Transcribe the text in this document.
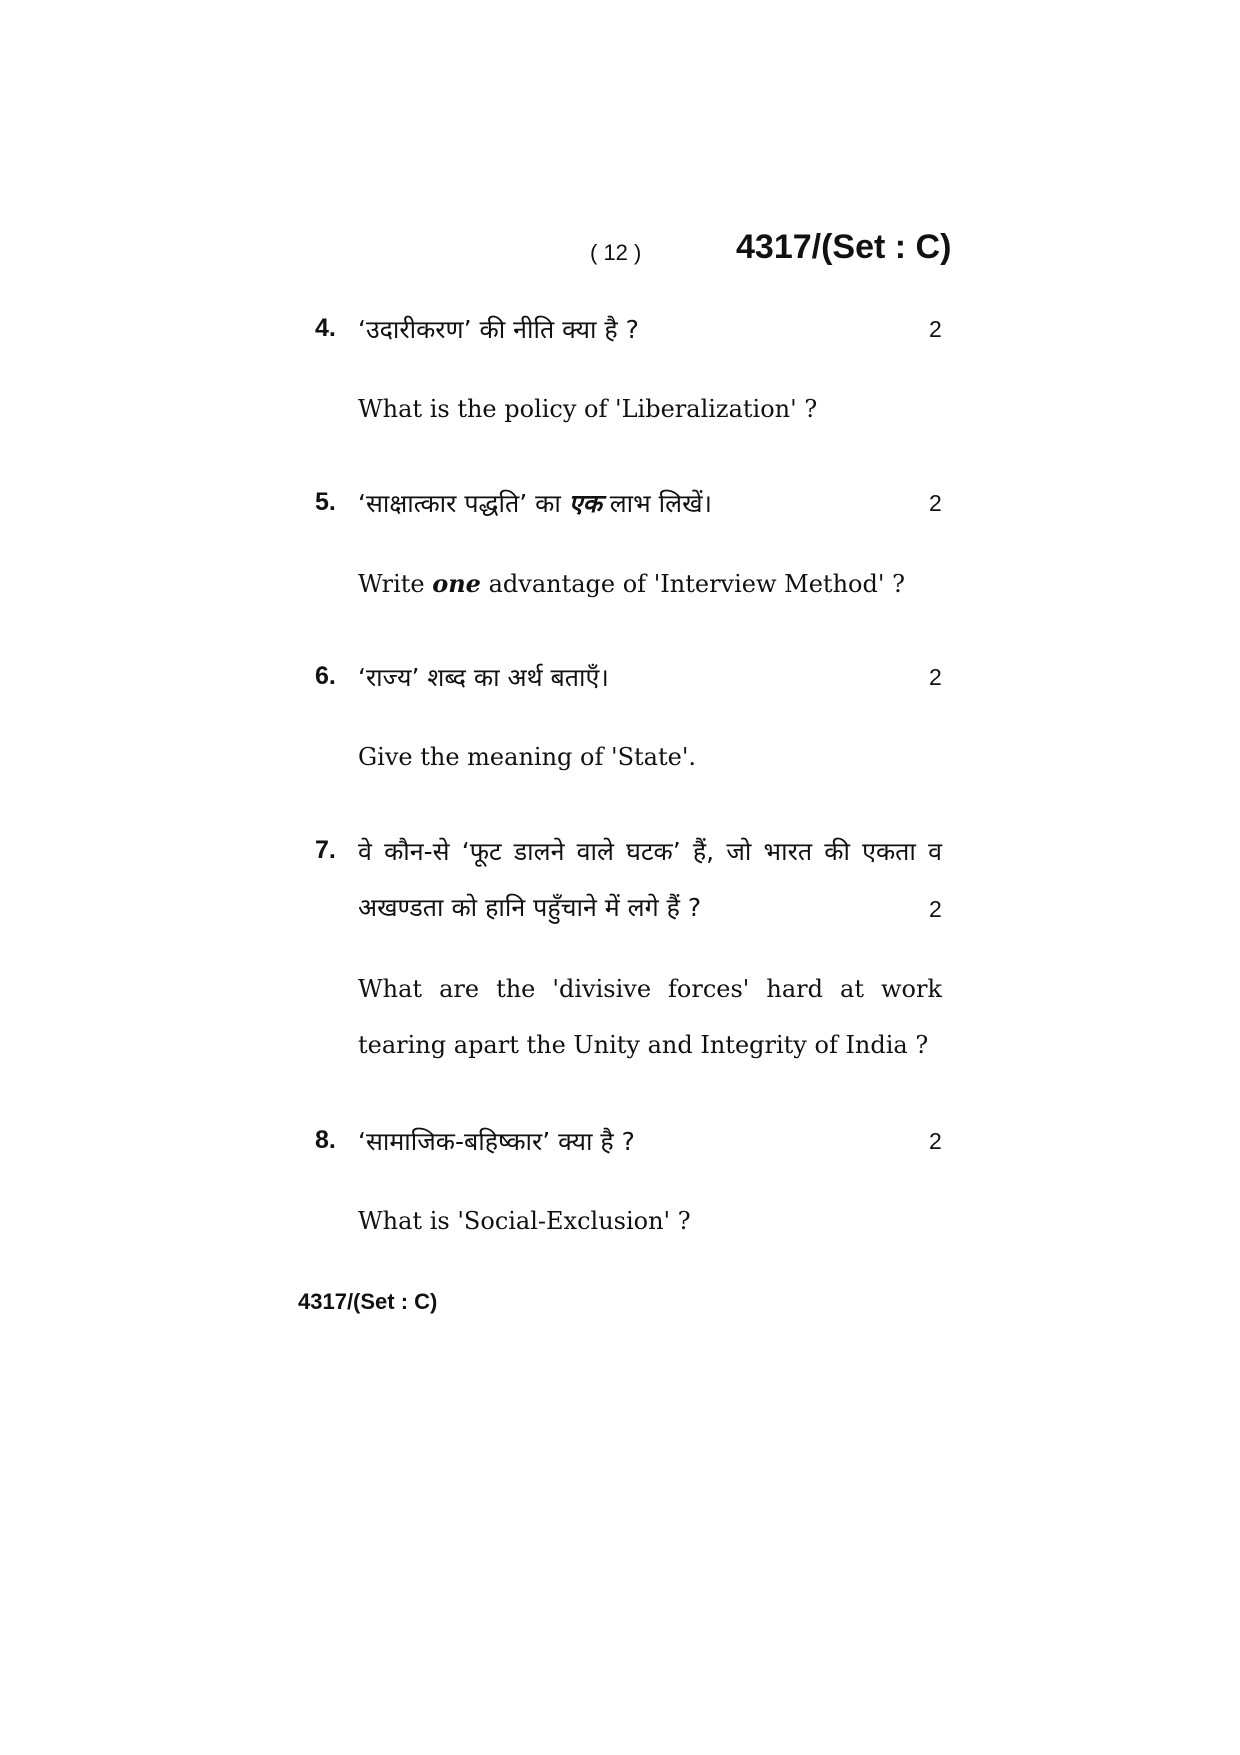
( 12 )	4317/(Set : C)
4. ‘उदारीकरण’ की नीति क्या है ?	2
What is the policy of 'Liberalization' ?
5. ‘साक्षात्कार पद्धति’ का एक लाभ लिखें।	2
Write one advantage of 'Interview Method' ?
6. ‘राज्य’ शब्द का अर्थ बताएँ।	2
Give the meaning of 'State'.
7. वे कौन-से ‘फूट डालने वाले घटक’ हैं, जो भारत की एकता व
अखण्डता को हानि पहुँचाने में लगे हैं ?	2
What are the 'divisive forces' hard at work
tearing apart the Unity and Integrity of India ?
8. ‘सामाजिक-बहिष्कार’ क्या है ?	2
What is 'Social-Exclusion' ?
4317/(Set : C)
